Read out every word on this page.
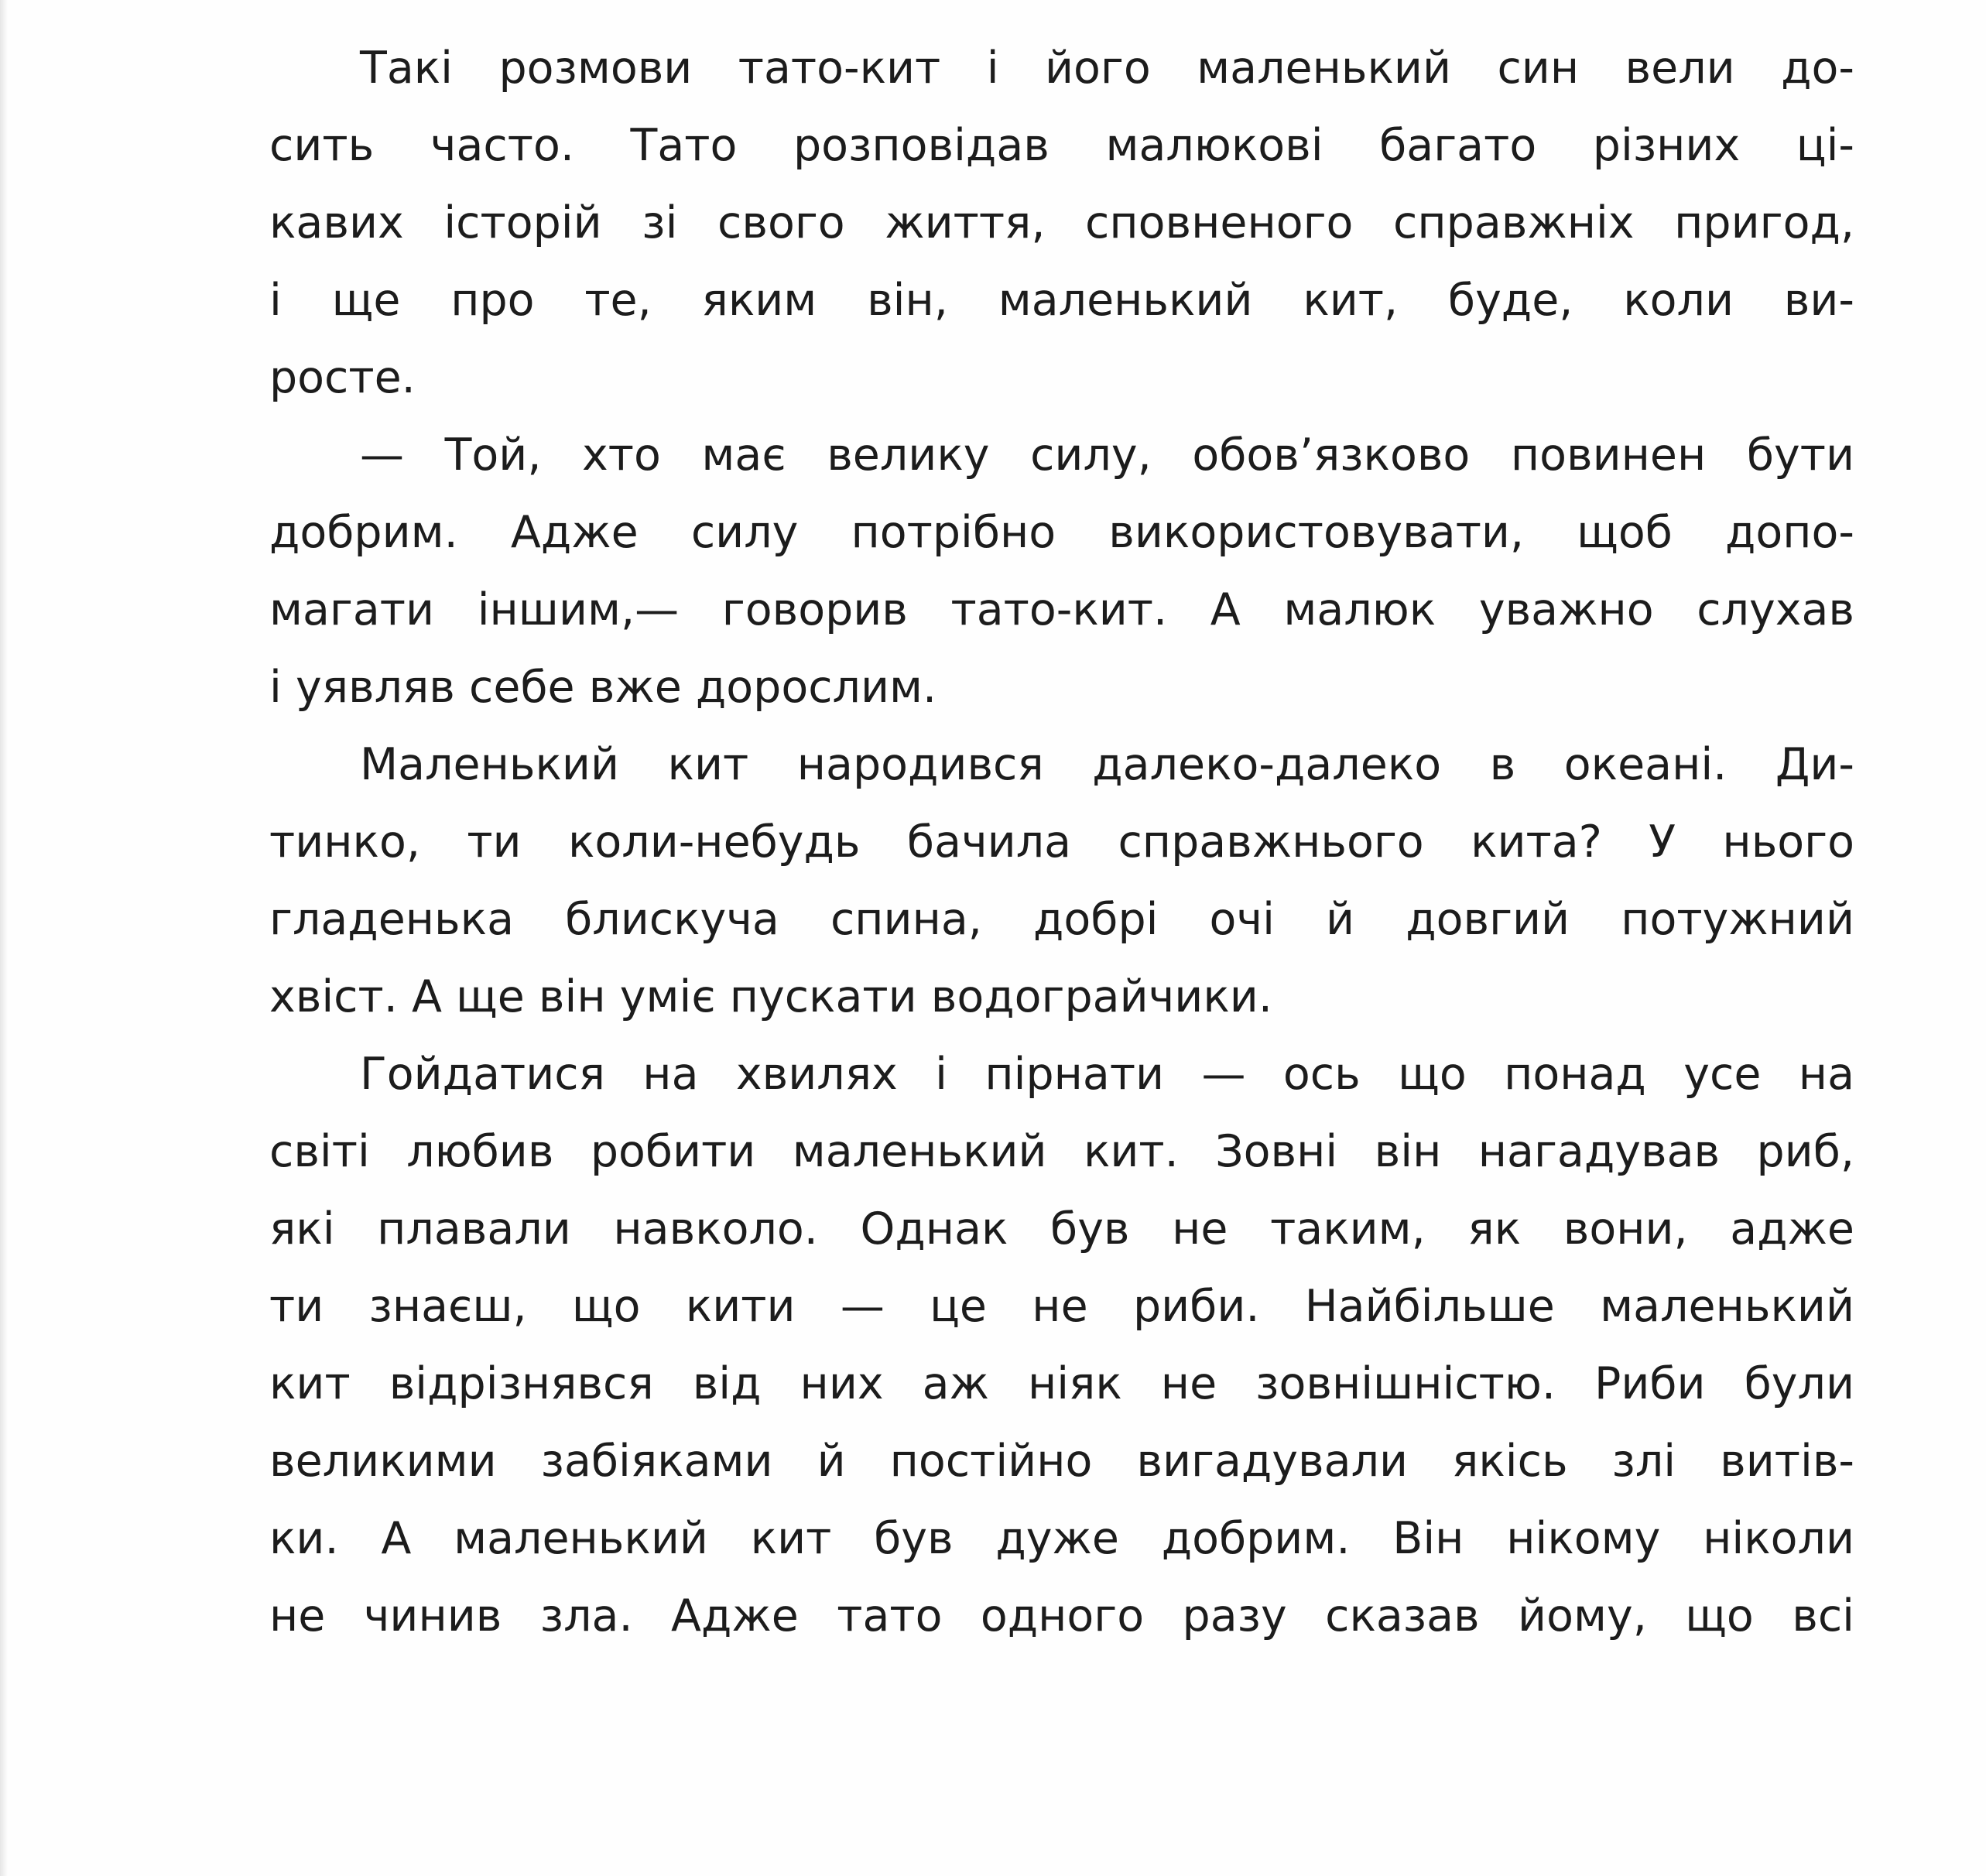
Такі розмови тато-кит і його маленький син вели до-
сить часто. Тато розповідав малюкові багато різних ці-
кавих історій зі свого життя, сповненого справжніх пригод,
і ще про те, яким він, маленький кит, буде, коли ви-
росте.
— Той, хто має велику силу, обов’язково повинен бути
добрим. Адже силу потрібно використовувати, щоб допо-
магати іншим,— говорив тато-кит. А малюк уважно слухав
і уявляв себе вже дорослим.
Маленький кит народився далеко-далеко в океані. Ди-
тинко, ти коли-небудь бачила справжнього кита? У нього
гладенька блискуча спина, добрі очі й довгий потужний
хвіст. А ще він уміє пускати водограйчики.
Гойдатися на хвилях і пірнати — ось що понад усе на
світі любив робити маленький кит. Зовні він нагадував риб,
які плавали навколо. Однак був не таким, як вони, адже
ти знаєш, що кити — це не риби. Найбільше маленький
кит відрізнявся від них аж ніяк не зовнішністю. Риби були
великими забіяками й постійно вигадували якісь злі витів-
ки. А маленький кит був дуже добрим. Він нікому ніколи
не чинив зла. Адже тато одного разу сказав йому, що всі
